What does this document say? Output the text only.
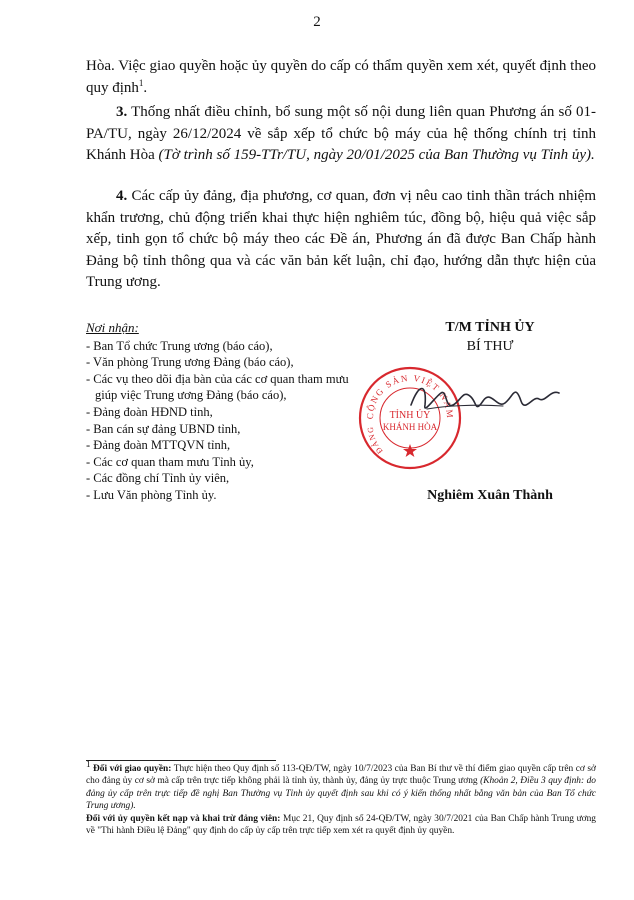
2
Hòa. Việc giao quyền hoặc ủy quyền do cấp có thẩm quyền xem xét, quyết định theo quy định$^1$.
3. Thống nhất điều chỉnh, bổ sung một số nội dung liên quan Phương án số 01-PA/TU, ngày 26/12/2024 về sắp xếp tổ chức bộ máy của hệ thống chính trị tỉnh Khánh Hòa (Tờ trình số 159-TTr/TU, ngày 20/01/2025 của Ban Thường vụ Tỉnh ủy).
4. Các cấp ủy đảng, địa phương, cơ quan, đơn vị nêu cao tinh thần trách nhiệm khẩn trương, chủ động triển khai thực hiện nghiêm túc, đồng bộ, hiệu quả việc sắp xếp, tinh gọn tổ chức bộ máy theo các Đề án, Phương án đã được Ban Chấp hành Đảng bộ tỉnh thông qua và các văn bản kết luận, chỉ đạo, hướng dẫn thực hiện của Trung ương.
Nơi nhận:
- Ban Tổ chức Trung ương (báo cáo),
- Văn phòng Trung ương Đảng (báo cáo),
- Các vụ theo dõi địa bàn của các cơ quan tham mưu
giúp việc Trung ương Đảng (báo cáo),
- Đảng đoàn HĐND tỉnh,
- Ban cán sự đảng UBND tỉnh,
- Đảng đoàn MTTQVN tỉnh,
- Các cơ quan tham mưu Tỉnh ủy,
- Các đồng chí Tỉnh ủy viên,
- Lưu Văn phòng Tỉnh ủy.
T/M TỈNH ỦY
BÍ THƯ
CỘNG SẢN VIỆT NAM
ĐẢNG
TỈNH ỦY
KHÁNH HÒA
Nghiêm Xuân Thành

1 Đối với giao quyền: Thực hiện theo Quy định số 113-QĐ/TW, ngày 10/7/2023 của Ban Bí thư về thí điểm giao quyền cấp trên cơ sở cho đảng ủy cơ sở mà cấp trên trực tiếp không phải là tỉnh ủy, thành ủy, đảng ủy trực thuộc Trung ương (Khoản 2, Điều 3 quy định: do đảng ủy cấp trên trực tiếp đề nghị Ban Thường vụ Tỉnh ủy quyết định sau khi có ý kiến thống nhất bằng văn bản của Ban Tổ chức Trung ương).

Đối với ủy quyền kết nạp và khai trừ đảng viên: Mục 21, Quy định số 24-QĐ/TW, ngày 30/7/2021 của Ban Chấp hành Trung ương về "Thi hành Điều lệ Đảng" quy định do cấp ủy cấp trên trực tiếp xem xét ra quyết định ủy quyền.
